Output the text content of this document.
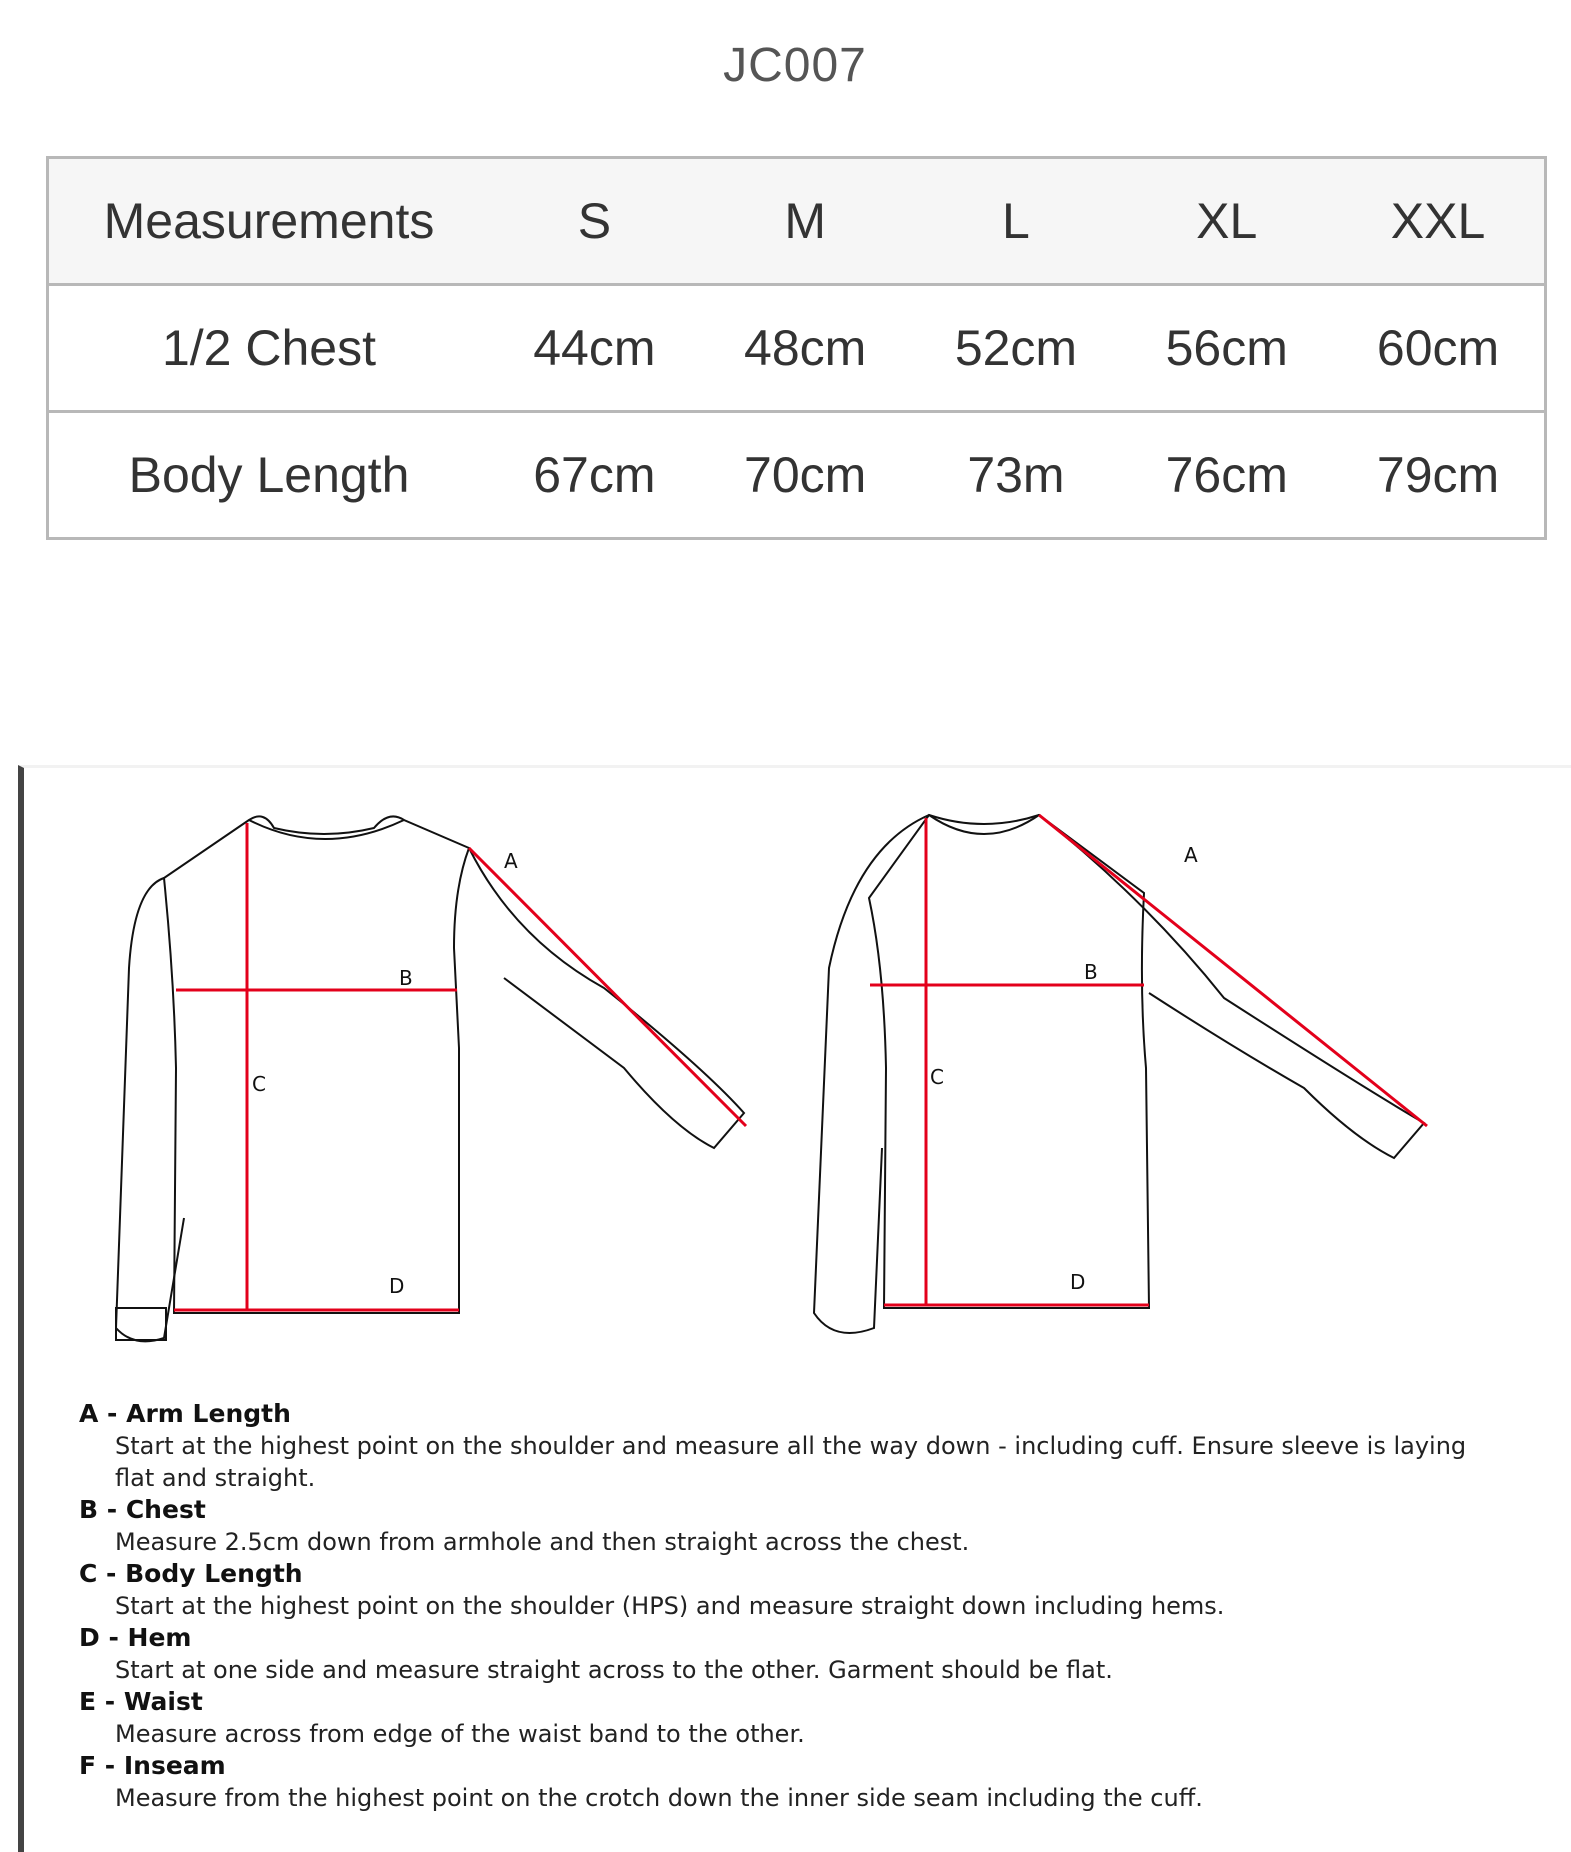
JC007
Measurements	S	M	L	XL	XXL
1/2 Chest	44cm	48cm	52cm	56cm	60cm
Body Length	67cm	70cm	73m	76cm	79cm
A
B
C
D
A
B
C
D
A - Arm Length
Start at the highest point on the shoulder and measure all the way down - including cuff. Ensure sleeve is laying flat and straight.
B - Chest
Measure 2.5cm down from armhole and then straight across the chest.
C - Body Length
Start at the highest point on the shoulder (HPS) and measure straight down including hems.
D - Hem
Start at one side and measure straight across to the other. Garment should be flat.
E - Waist
Measure across from edge of the waist band to the other.
F - Inseam
Measure from the highest point on the crotch down the inner side seam including the cuff.
